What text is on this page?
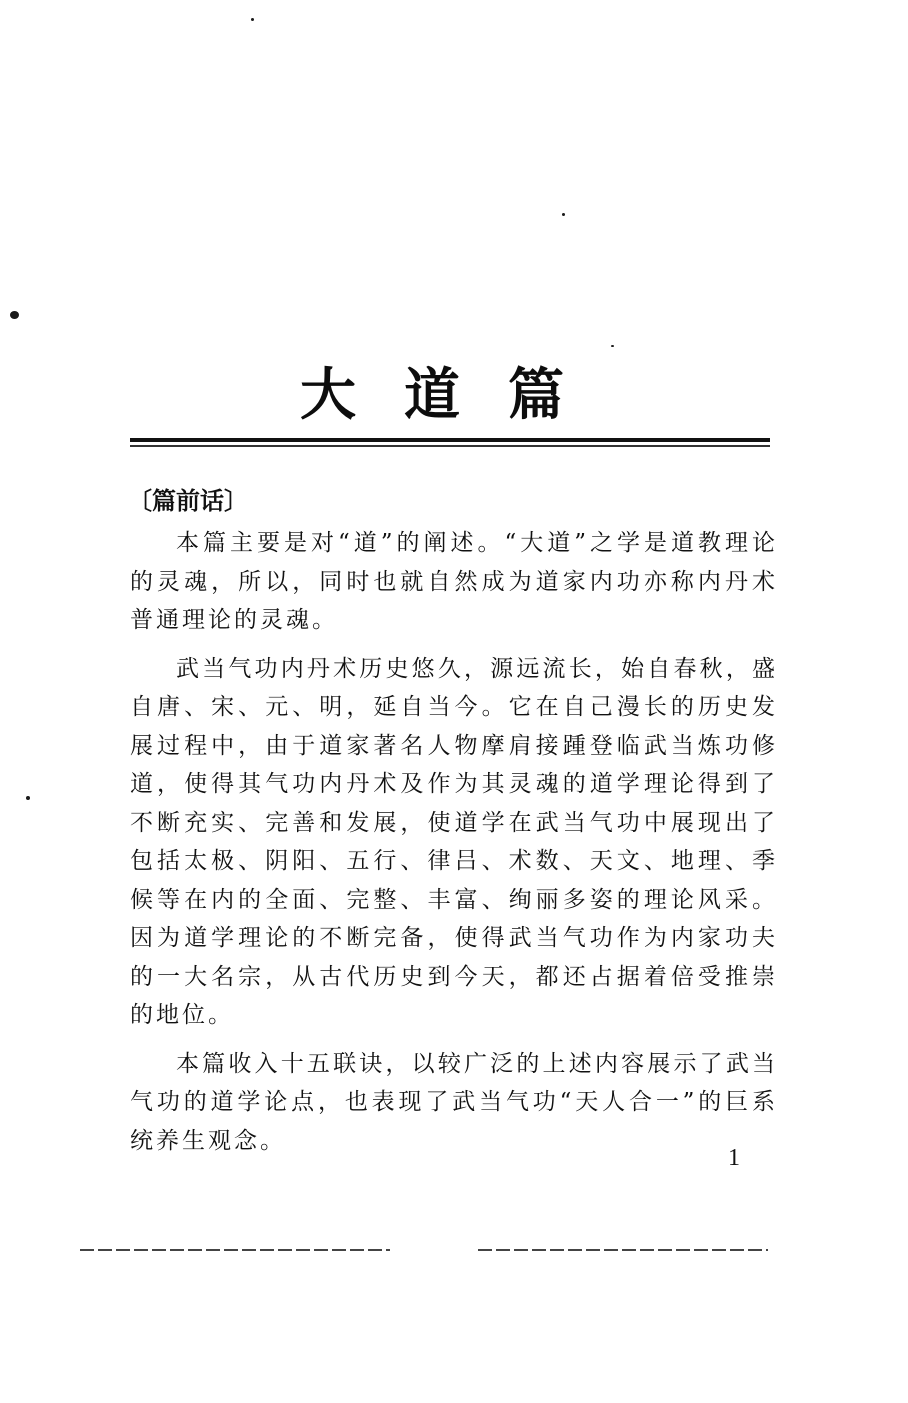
大道篇
〔篇前话〕

本篇主要是对“道”的阐述。“大道”之学是道教理论的灵魂，所以，同时也就自然成为道家内功亦称内丹术普通理论的灵魂。

武当气功内丹术历史悠久，源远流长，始自春秋，盛自唐、宋、元、明，延自当今。它在自己漫长的历史发展过程中，由于道家著名人物摩肩接踵登临武当炼功修道，使得其气功内丹术及作为其灵魂的道学理论得到了不断充实、完善和发展，使道学在武当气功中展现出了包括太极、阴阳、五行、律吕、术数、天文、地理、季候等在内的全面、完整、丰富、绚丽多姿的理论风采。因为道学理论的不断完备，使得武当气功作为内家功夫的一大名宗，从古代历史到今天，都还占据着倍受推崇的地位。

本篇收入十五联诀，以较广泛的上述内容展示了武当气功的道学论点，也表现了武当气功“天人合一”的巨系统养生观念。

1
